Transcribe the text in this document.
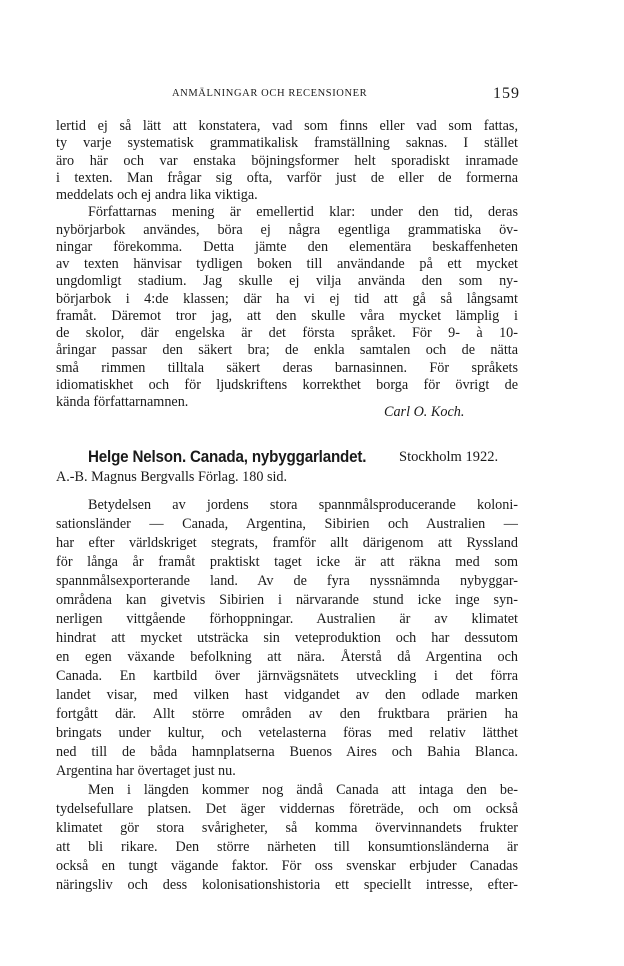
ANMÄLNINGAR OCH RECENSIONER	159
lertid ej så lätt att konstatera, vad som finns eller vad som fattas,
ty varje systematisk grammatikalisk framställning saknas. I stället
äro här och var enstaka böjningsformer helt sporadiskt inramade
i texten. Man frågar sig ofta, varför just de eller de formerna
meddelats och ej andra lika viktiga.
Författarnas mening är emellertid klar: under den tid, deras
nybörjarbok användes, böra ej några egentliga grammatiska öv-
ningar förekomma. Detta jämte den elementära beskaffenheten
av texten hänvisar tydligen boken till användande på ett mycket
ungdomligt stadium. Jag skulle ej vilja använda den som ny-
börjarbok i 4:de klassen; där ha vi ej tid att gå så långsamt
framåt. Däremot tror jag, att den skulle våra mycket lämplig i
de skolor, där engelska är det första språket. För 9- à 10-
åringar passar den säkert bra; de enkla samtalen och de nätta
små rimmen tilltala säkert deras barnasinnen. För språkets
Carl O. Koch.
Helge Nelson. Canada, nybyggarlandet. Stockholm 1922.
A.-B. Magnus Bergvalls Förlag. 180 sid.
Betydelsen av jordens stora spannmålsproducerande koloni-
sationsländer — Canada, Argentina, Sibirien och Australien —
har efter världskriget stegrats, framför allt därigenom att Ryssland
för långa år framåt praktiskt taget icke är att räkna med som
spannmålsexporterande land. Av de fyra nyssnämnda nybyggar-
områdena kan givetvis Sibirien i närvarande stund icke inge syn-
nerligen vittgående förhoppningar. Australien är av klimatet
hindrat att mycket utsträcka sin veteproduktion och har dessutom
en egen växande befolkning att nära. Återstå då Argentina och
Canada. En kartbild över järnvägsnätets utveckling i det förra
landet visar, med vilken hast vidgandet av den odlade marken
fortgått där. Allt större områden av den fruktbara prärien ha
bringats under kultur, och vetelasterna föras med relativ lätthet
ned till de båda hamnplatserna Buenos Aires och Bahia Blanca.
Argentina har övertaget just nu.
Men i längden kommer nog ändå Canada att intaga den be-
tydelsefullare platsen. Det äger viddernas företräde, och om också
klimatet gör stora svårigheter, så komma övervinnandets frukter
att bli rikare. Den större närheten till konsumtionsländerna är
också en tungt vägande faktor. För oss svenskar erbjuder Canadas
näringsliv och dess kolonisationshistoria ett speciellt intresse, efter-
idiomatiskhet och för ljudskriftens korrekthet borga för övrigt de
kända författarnamnen.
